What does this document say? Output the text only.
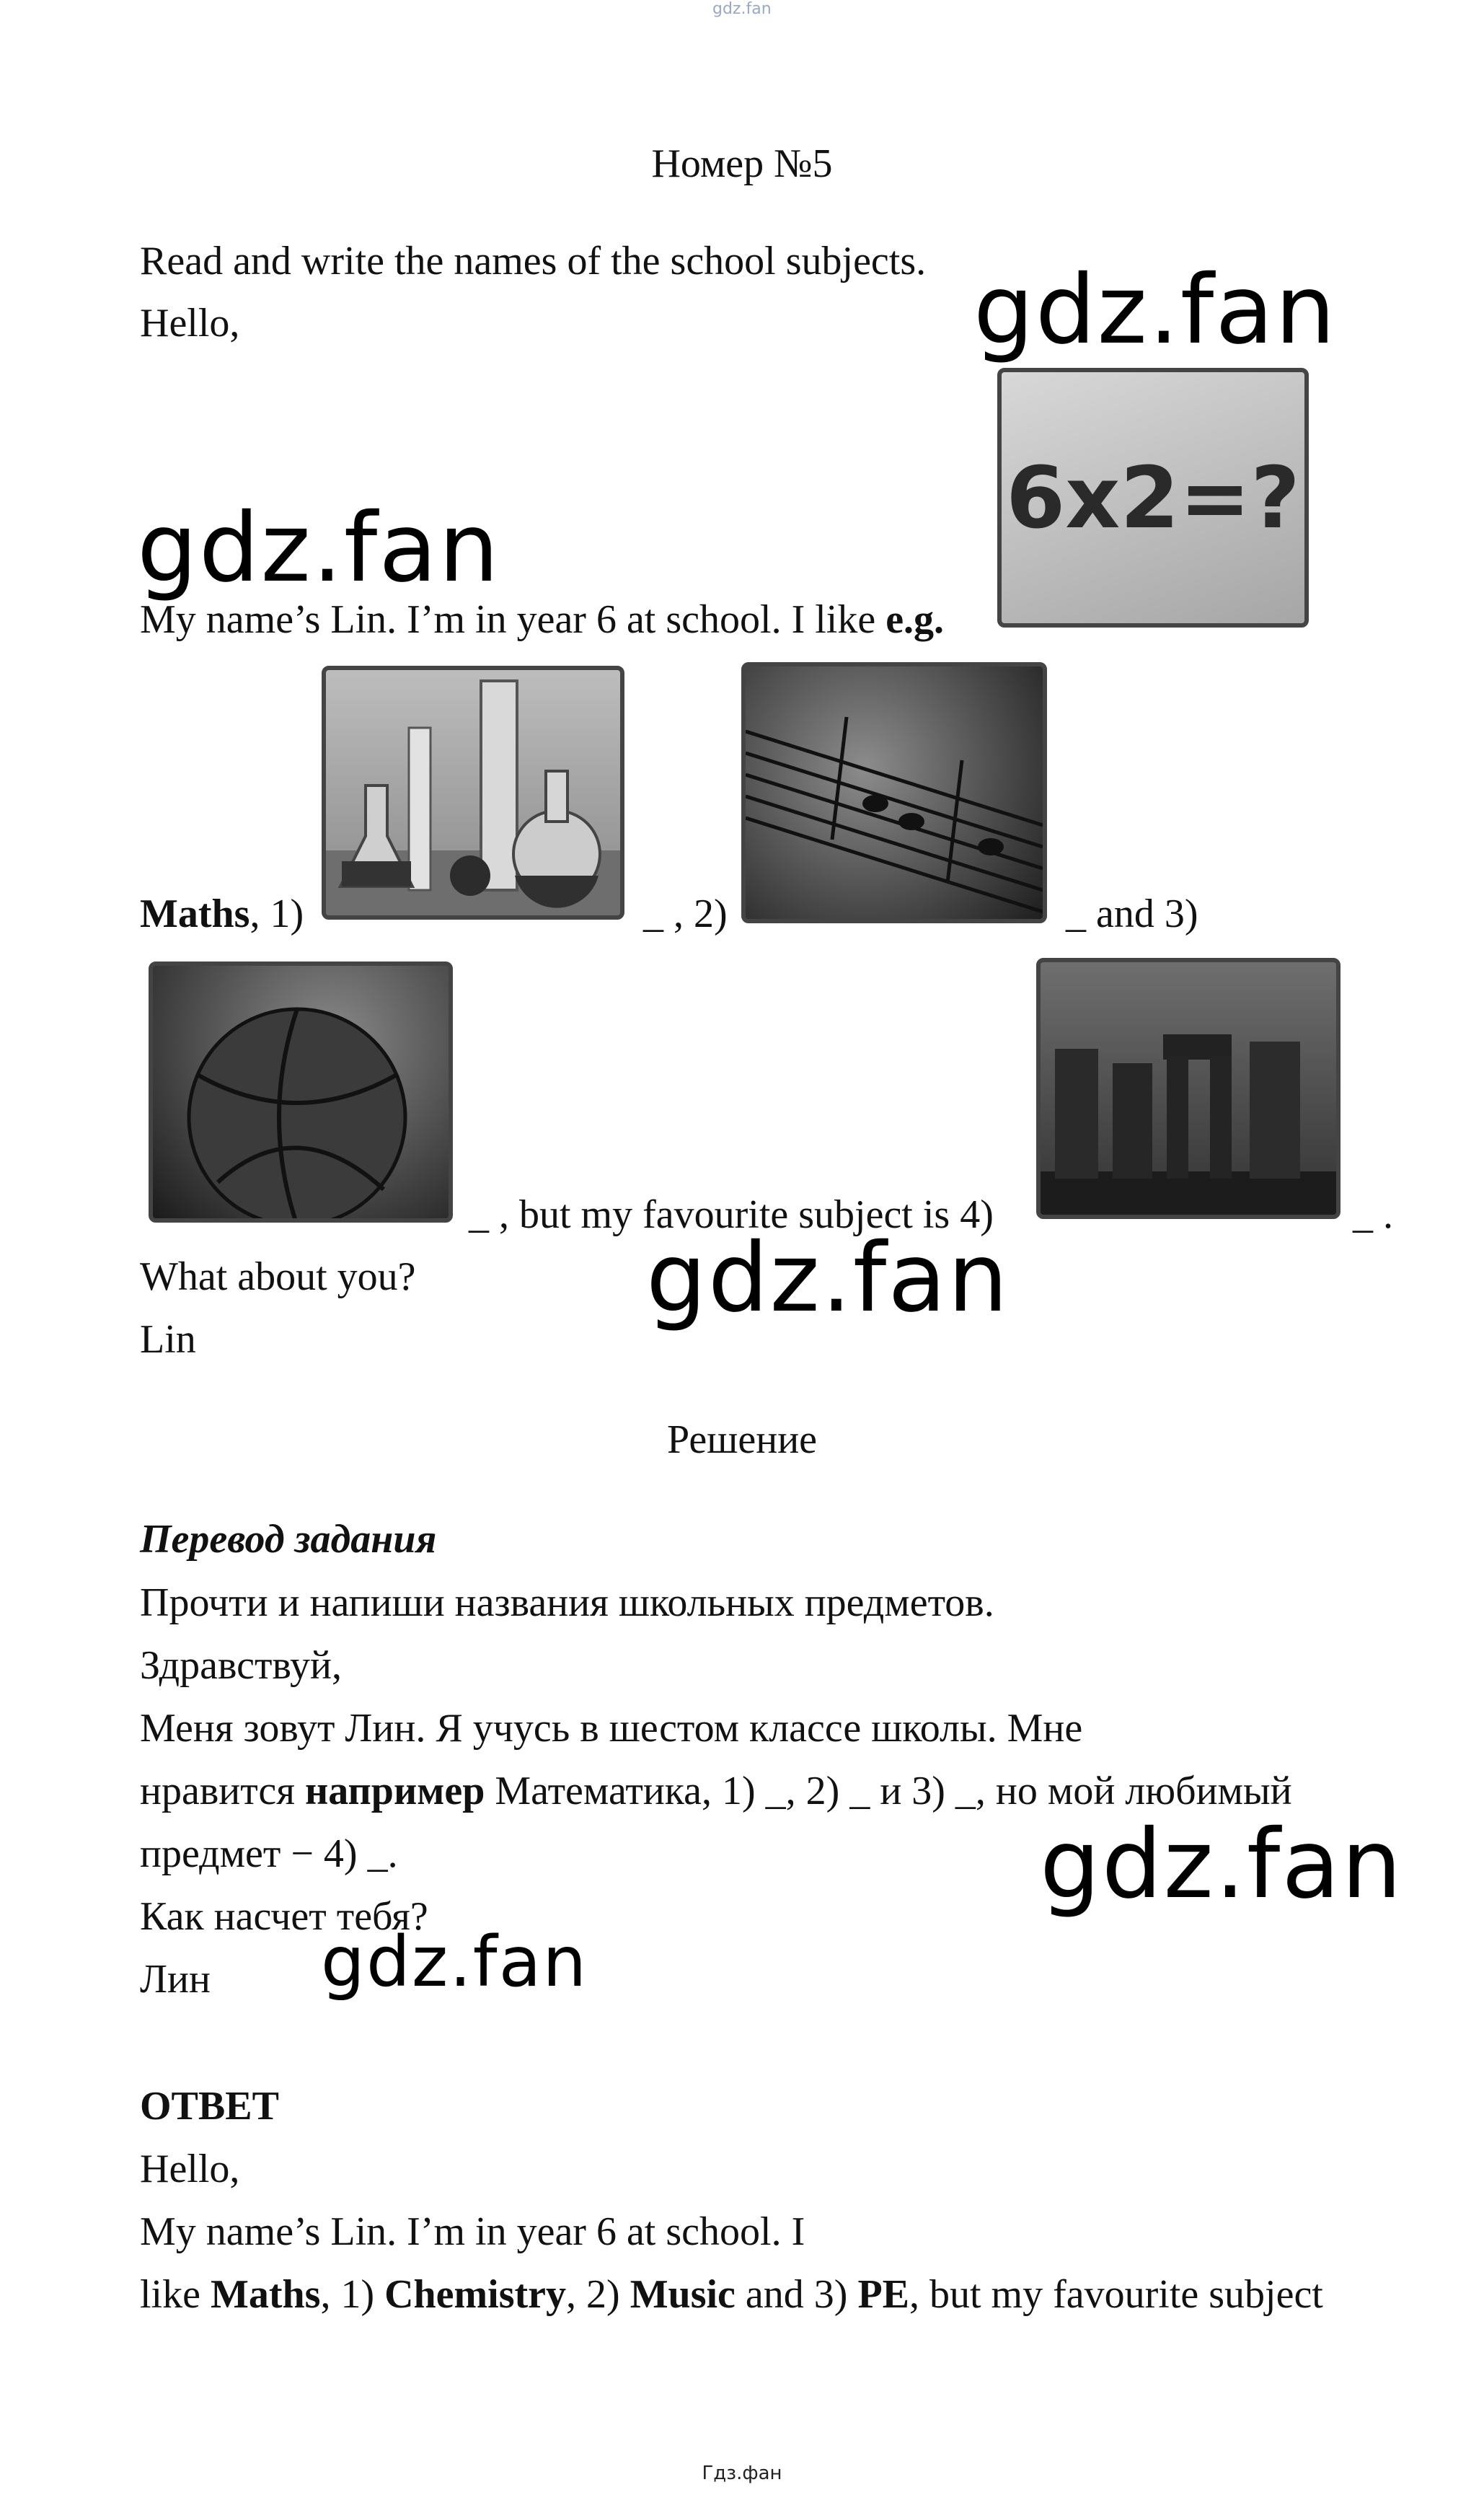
gdz.fan
Номер №5
Read and write the names of the school subjects.
Hello,	gdz.fan
gdz.fan	6x2=?
My name’s Lin. I’m in year 6 at school. I like e.g.
Maths, 1)	_ , 2)	_ and 3)
_ , but my favourite subject is 4)	_ .
What about you? gdz.fan
Lin
Решение
Перевод задания
Прочти и напиши названия школьных предметов.
Здравствуй,
Меня зовут Лин. Я учусь в шестом классе школы. Мне
нравится например Математика, 1) _, 2) _ и 3) _, но мой любимый
предмет − 4) _.	gdz.fan
Как насчет тебя?
gdz.fan
Лин
ОТВЕТ
Hello,
My name’s Lin. I’m in year 6 at school. I
like Maths, 1) Chemistry, 2) Music and 3) PE, but my favourite subject
Гдз.фан
